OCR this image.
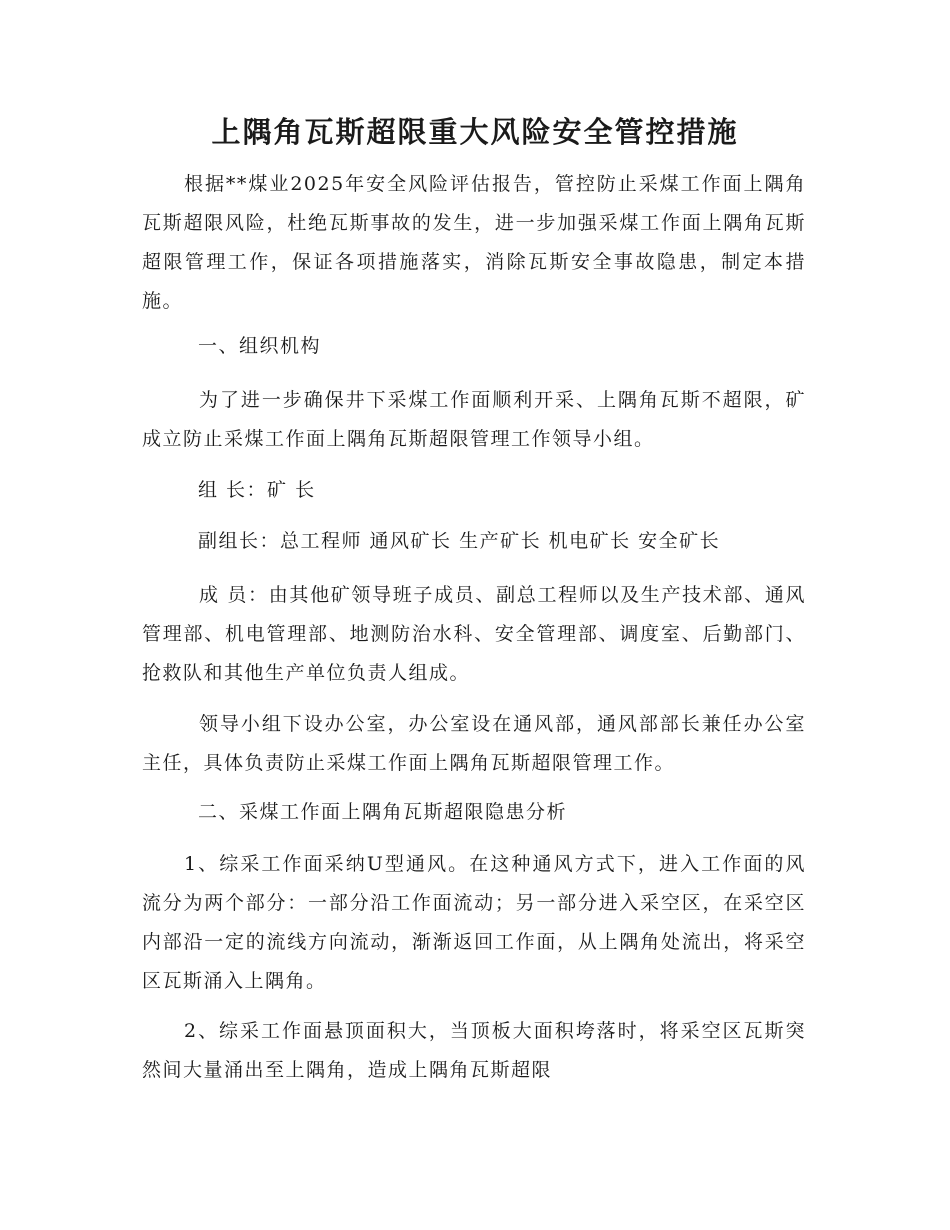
上隅角瓦斯超限重大风险安全管控措施

根据**煤业2025年安全风险评估报告，管控防止采煤工作面上隅角瓦斯超限风险，杜绝瓦斯事故的发生，进一步加强采煤工作面上隅角瓦斯超限管理工作，保证各项措施落实，消除瓦斯安全事故隐患，制定本措施。

一、组织机构

为了进一步确保井下采煤工作面顺利开采、上隅角瓦斯不超限，矿成立防止采煤工作面上隅角瓦斯超限管理工作领导小组。

组 长：矿 长

副组长：总工程师 通风矿长 生产矿长 机电矿长 安全矿长

成 员：由其他矿领导班子成员、副总工程师以及生产技术部、通风管理部、机电管理部、地测防治水科、安全管理部、调度室、后勤部门、抢救队和其他生产单位负责人组成。

领导小组下设办公室，办公室设在通风部，通风部部长兼任办公室主任，具体负责防止采煤工作面上隅角瓦斯超限管理工作。

二、采煤工作面上隅角瓦斯超限隐患分析

1、综采工作面采纳U型通风。在这种通风方式下，进入工作面的风流分为两个部分：一部分沿工作面流动；另一部分进入采空区，在采空区内部沿一定的流线方向流动，渐渐返回工作面，从上隅角处流出，将采空区瓦斯涌入上隅角。

2、综采工作面悬顶面积大，当顶板大面积垮落时，将采空区瓦斯突然间大量涌出至上隅角，造成上隅角瓦斯超限
